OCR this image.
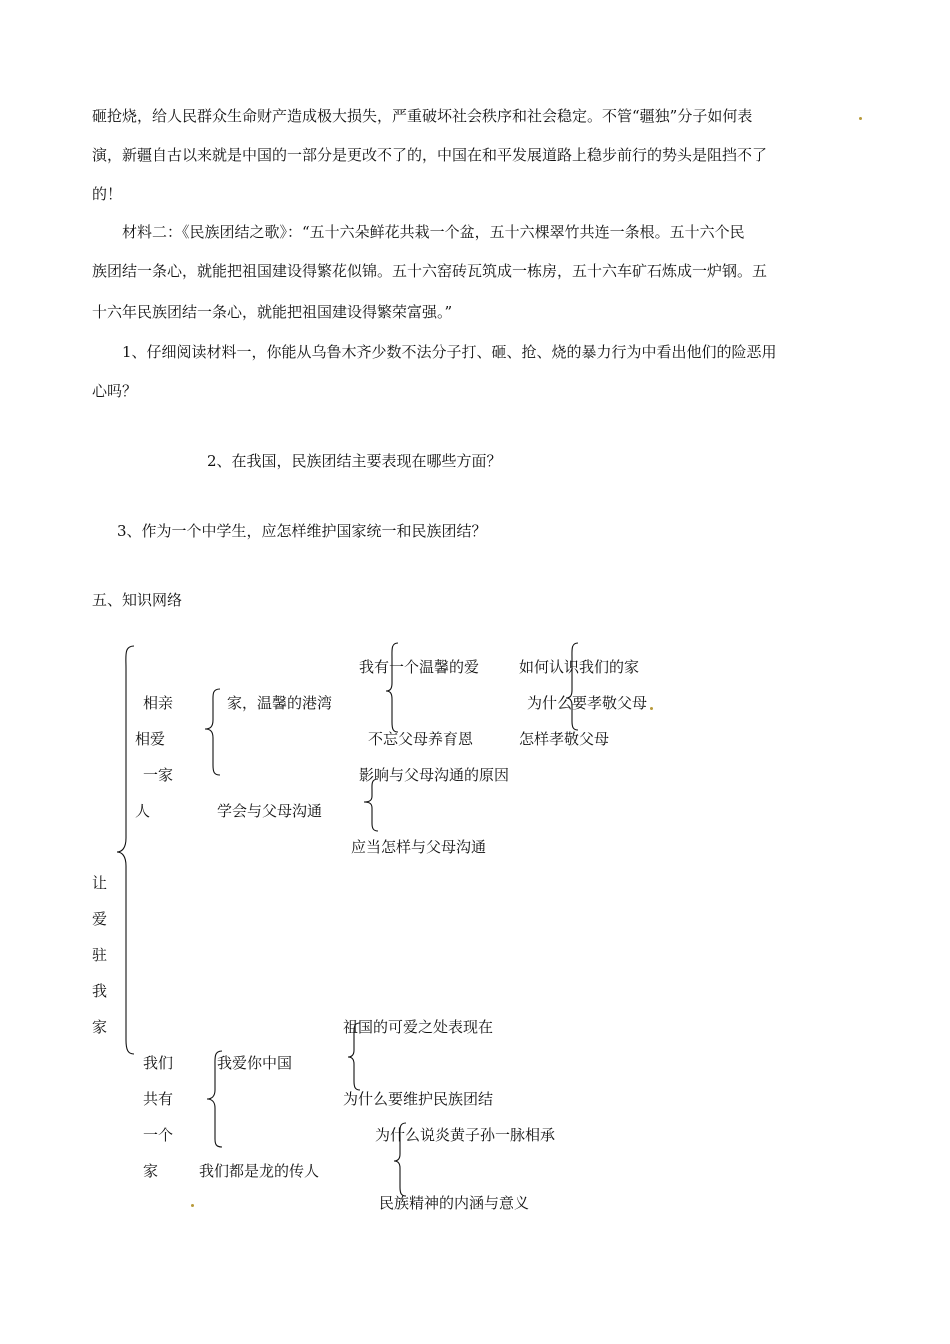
砸抢烧，给人民群众生命财产造成极大损失，严重破坏社会秩序和社会稳定。不管“疆独”分子如何表
演，新疆自古以来就是中国的一部分是更改不了的，中国在和平发展道路上稳步前行的势头是阻挡不了
的！
材料二：《民族团结之歌》：“五十六朵鲜花共栽一个盆，五十六棵翠竹共连一条根。五十六个民
族团结一条心，就能把祖国建设得繁花似锦。五十六窑砖瓦筑成一栋房，五十六车矿石炼成一炉钢。五
十六年民族团结一条心，就能把祖国建设得繁荣富强。”
1、仔细阅读材料一，你能从乌鲁木齐少数不法分子打、砸、抢、烧的暴力行为中看出他们的险恶用
心吗？
2、在我国，民族团结主要表现在哪些方面？
3、作为一个中学生，应怎样维护国家统一和民族团结？
五、知识网络
让
爱
驻
我
家
相亲
相爱
一家
人
家，温馨的港湾
我有一个温馨的爱
不忘父母养育恩
如何认识我们的家
为什么要孝敬父母
怎样孝敬父母
学会与父母沟通
影响与父母沟通的原因
应当怎样与父母沟通
我们
共有
一个
家
我爱你中国
祖国的可爱之处表现在
为什么要维护民族团结
我们都是龙的传人
为什么说炎黄子孙一脉相承
民族精神的内涵与意义
